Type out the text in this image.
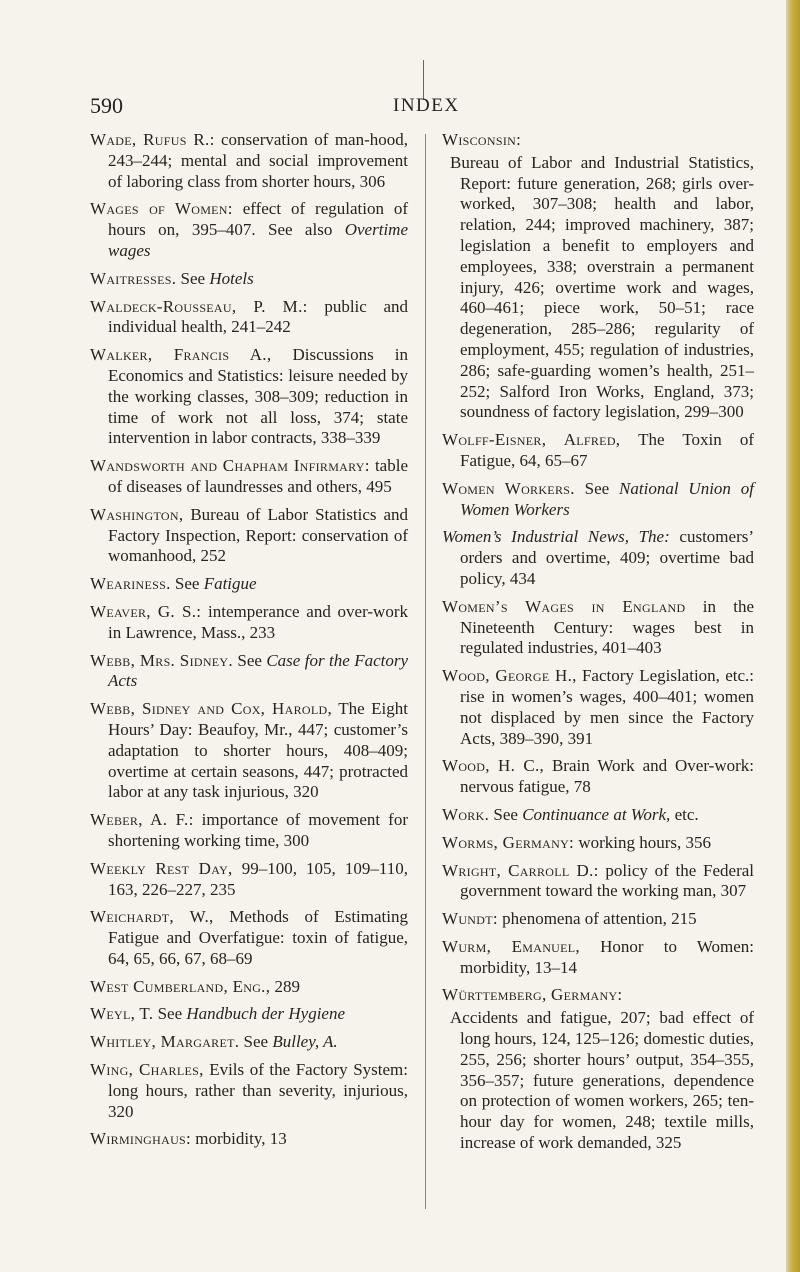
590	INDEX
Wade, Rufus R.: conservation of man-hood, 243–244; mental and social improvement of laboring class from shorter hours, 306
Wages of Women: effect of regulation of hours on, 395–407. See also Overtime wages
Waitresses. See Hotels
Waldeck-Rousseau, P. M.: public and individual health, 241–242
Walker, Francis A., Discussions in Economics and Statistics: leisure needed by the working classes, 308–309; reduction in time of work not all loss, 374; state intervention in labor contracts, 338–339
Wandsworth and Chapham Infirmary: table of diseases of laundresses and others, 495
Washington, Bureau of Labor Statistics and Factory Inspection, Report: conservation of womanhood, 252
Weariness. See Fatigue
Weaver, G. S.: intemperance and over-work in Lawrence, Mass., 233
Webb, Mrs. Sidney. See Case for the Factory Acts
Webb, Sidney and Cox, Harold, The Eight Hours’ Day: Beaufoy, Mr., 447; customer’s adaptation to shorter hours, 408–409; overtime at certain seasons, 447; protracted labor at any task injurious, 320
Weber, A. F.: importance of movement for shortening working time, 300
Weekly Rest Day, 99–100, 105, 109–110, 163, 226–227, 235
Weichardt, W., Methods of Estimating Fatigue and Overfatigue: toxin of fatigue, 64, 65, 66, 67, 68–69
West Cumberland, Eng., 289
Weyl, T. See Handbuch der Hygiene
Whitley, Margaret. See Bulley, A.
Wing, Charles, Evils of the Factory System: long hours, rather than severity, injurious, 320
Wirminghaus: morbidity, 13
Wisconsin:
Bureau of Labor and Industrial Statistics, Report: future generation, 268; girls over-worked, 307–308; health and labor, relation, 244; improved machinery, 387; legislation a benefit to employers and employees, 338; overstrain a permanent injury, 426; overtime work and wages, 460–461; piece work, 50–51; race degeneration, 285–286; regularity of employment, 455; regulation of industries, 286; safe-guarding women’s health, 251–252; Salford Iron Works, England, 373; soundness of factory legislation, 299–300
Wolff-Eisner, Alfred, The Toxin of Fatigue, 64, 65–67
Women Workers. See National Union of Women Workers
Women’s Industrial News, The: customers’ orders and overtime, 409; overtime bad policy, 434
Women’s Wages in England in the Nineteenth Century: wages best in regulated industries, 401–403
Wood, George H., Factory Legislation, etc.: rise in women’s wages, 400–401; women not displaced by men since the Factory Acts, 389–390, 391
Wood, H. C., Brain Work and Over-work: nervous fatigue, 78
Work. See Continuance at Work, etc.
Worms, Germany: working hours, 356
Wright, Carroll D.: policy of the Federal government toward the working man, 307
Wundt: phenomena of attention, 215
Wurm, Emanuel, Honor to Women: morbidity, 13–14
Württemberg, Germany:
Accidents and fatigue, 207; bad effect of long hours, 124, 125–126; domestic duties, 255, 256; shorter hours’ output, 354–355, 356–357; future generations, dependence on protection of women workers, 265; ten-hour day for women, 248; textile mills, increase of work demanded, 325
